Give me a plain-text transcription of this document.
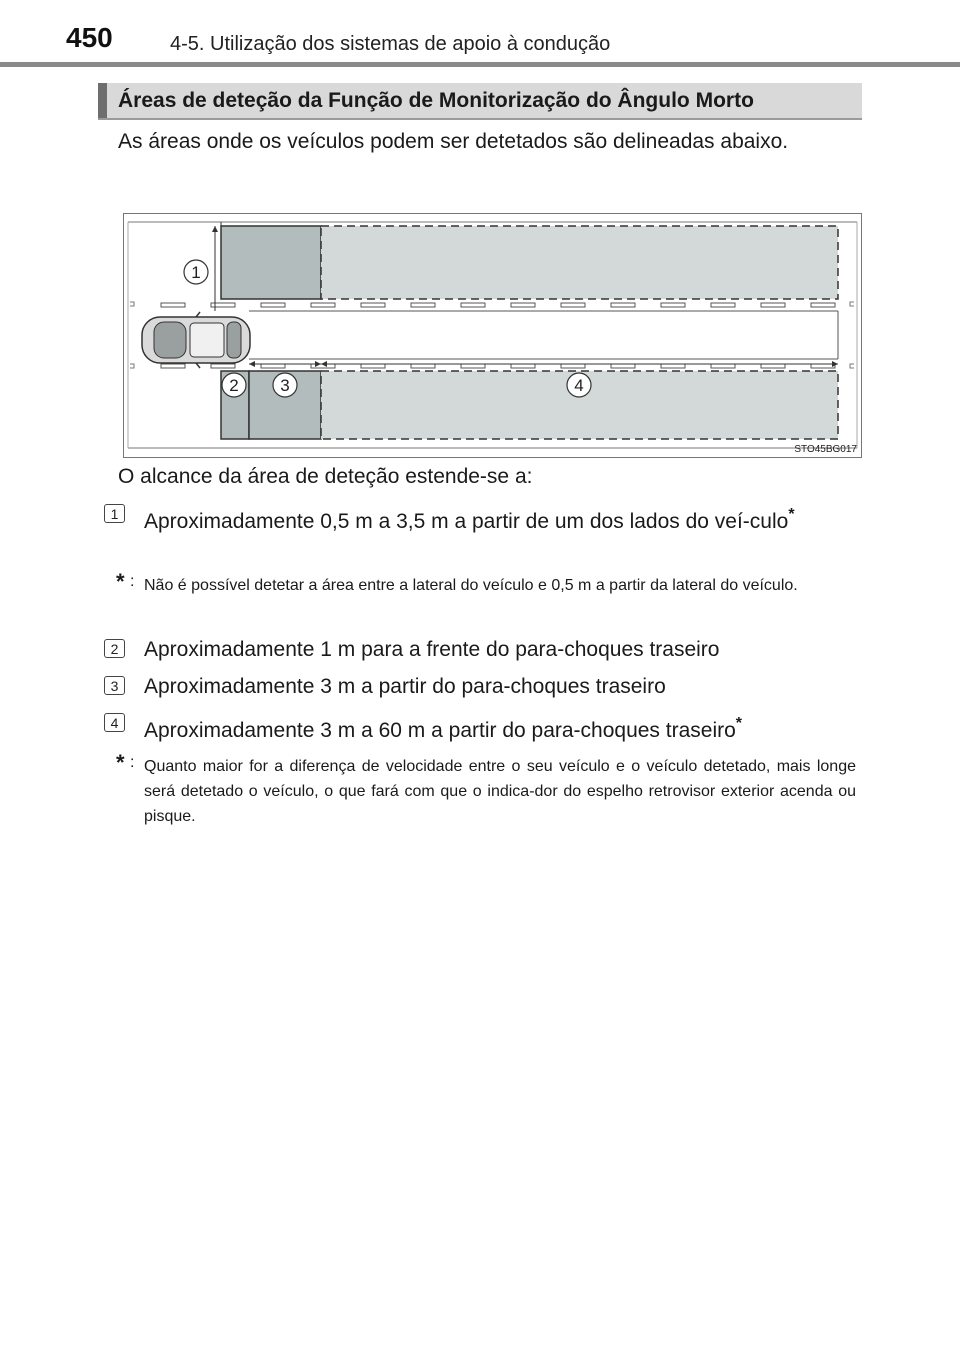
450	4-5. Utilização dos sistemas de apoio à condução
Áreas de deteção da Função de Monitorização do Ângulo Morto
As áreas onde os veículos podem ser detetados são delineadas abaixo.
1
2 3	4
STO45BG017
O alcance da área de deteção estende-se a:
1	Aproximadamente 0,5 m a 3,5 m a partir de um dos lados do veí-culo*
* : Não é possível detetar a área entre a lateral do veículo e 0,5 m a partir da lateral do veículo.
2	Aproximadamente 1 m para a frente do para-choques traseiro
3	Aproximadamente 3 m a partir do para-choques traseiro
4	Aproximadamente 3 m a 60 m a partir do para-choques traseiro*
* : Quanto maior for a diferença de velocidade entre o seu veículo e o veículo detetado, mais longe será detetado o veículo, o que fará com que o indica-dor do espelho retrovisor exterior acenda ou pisque.
